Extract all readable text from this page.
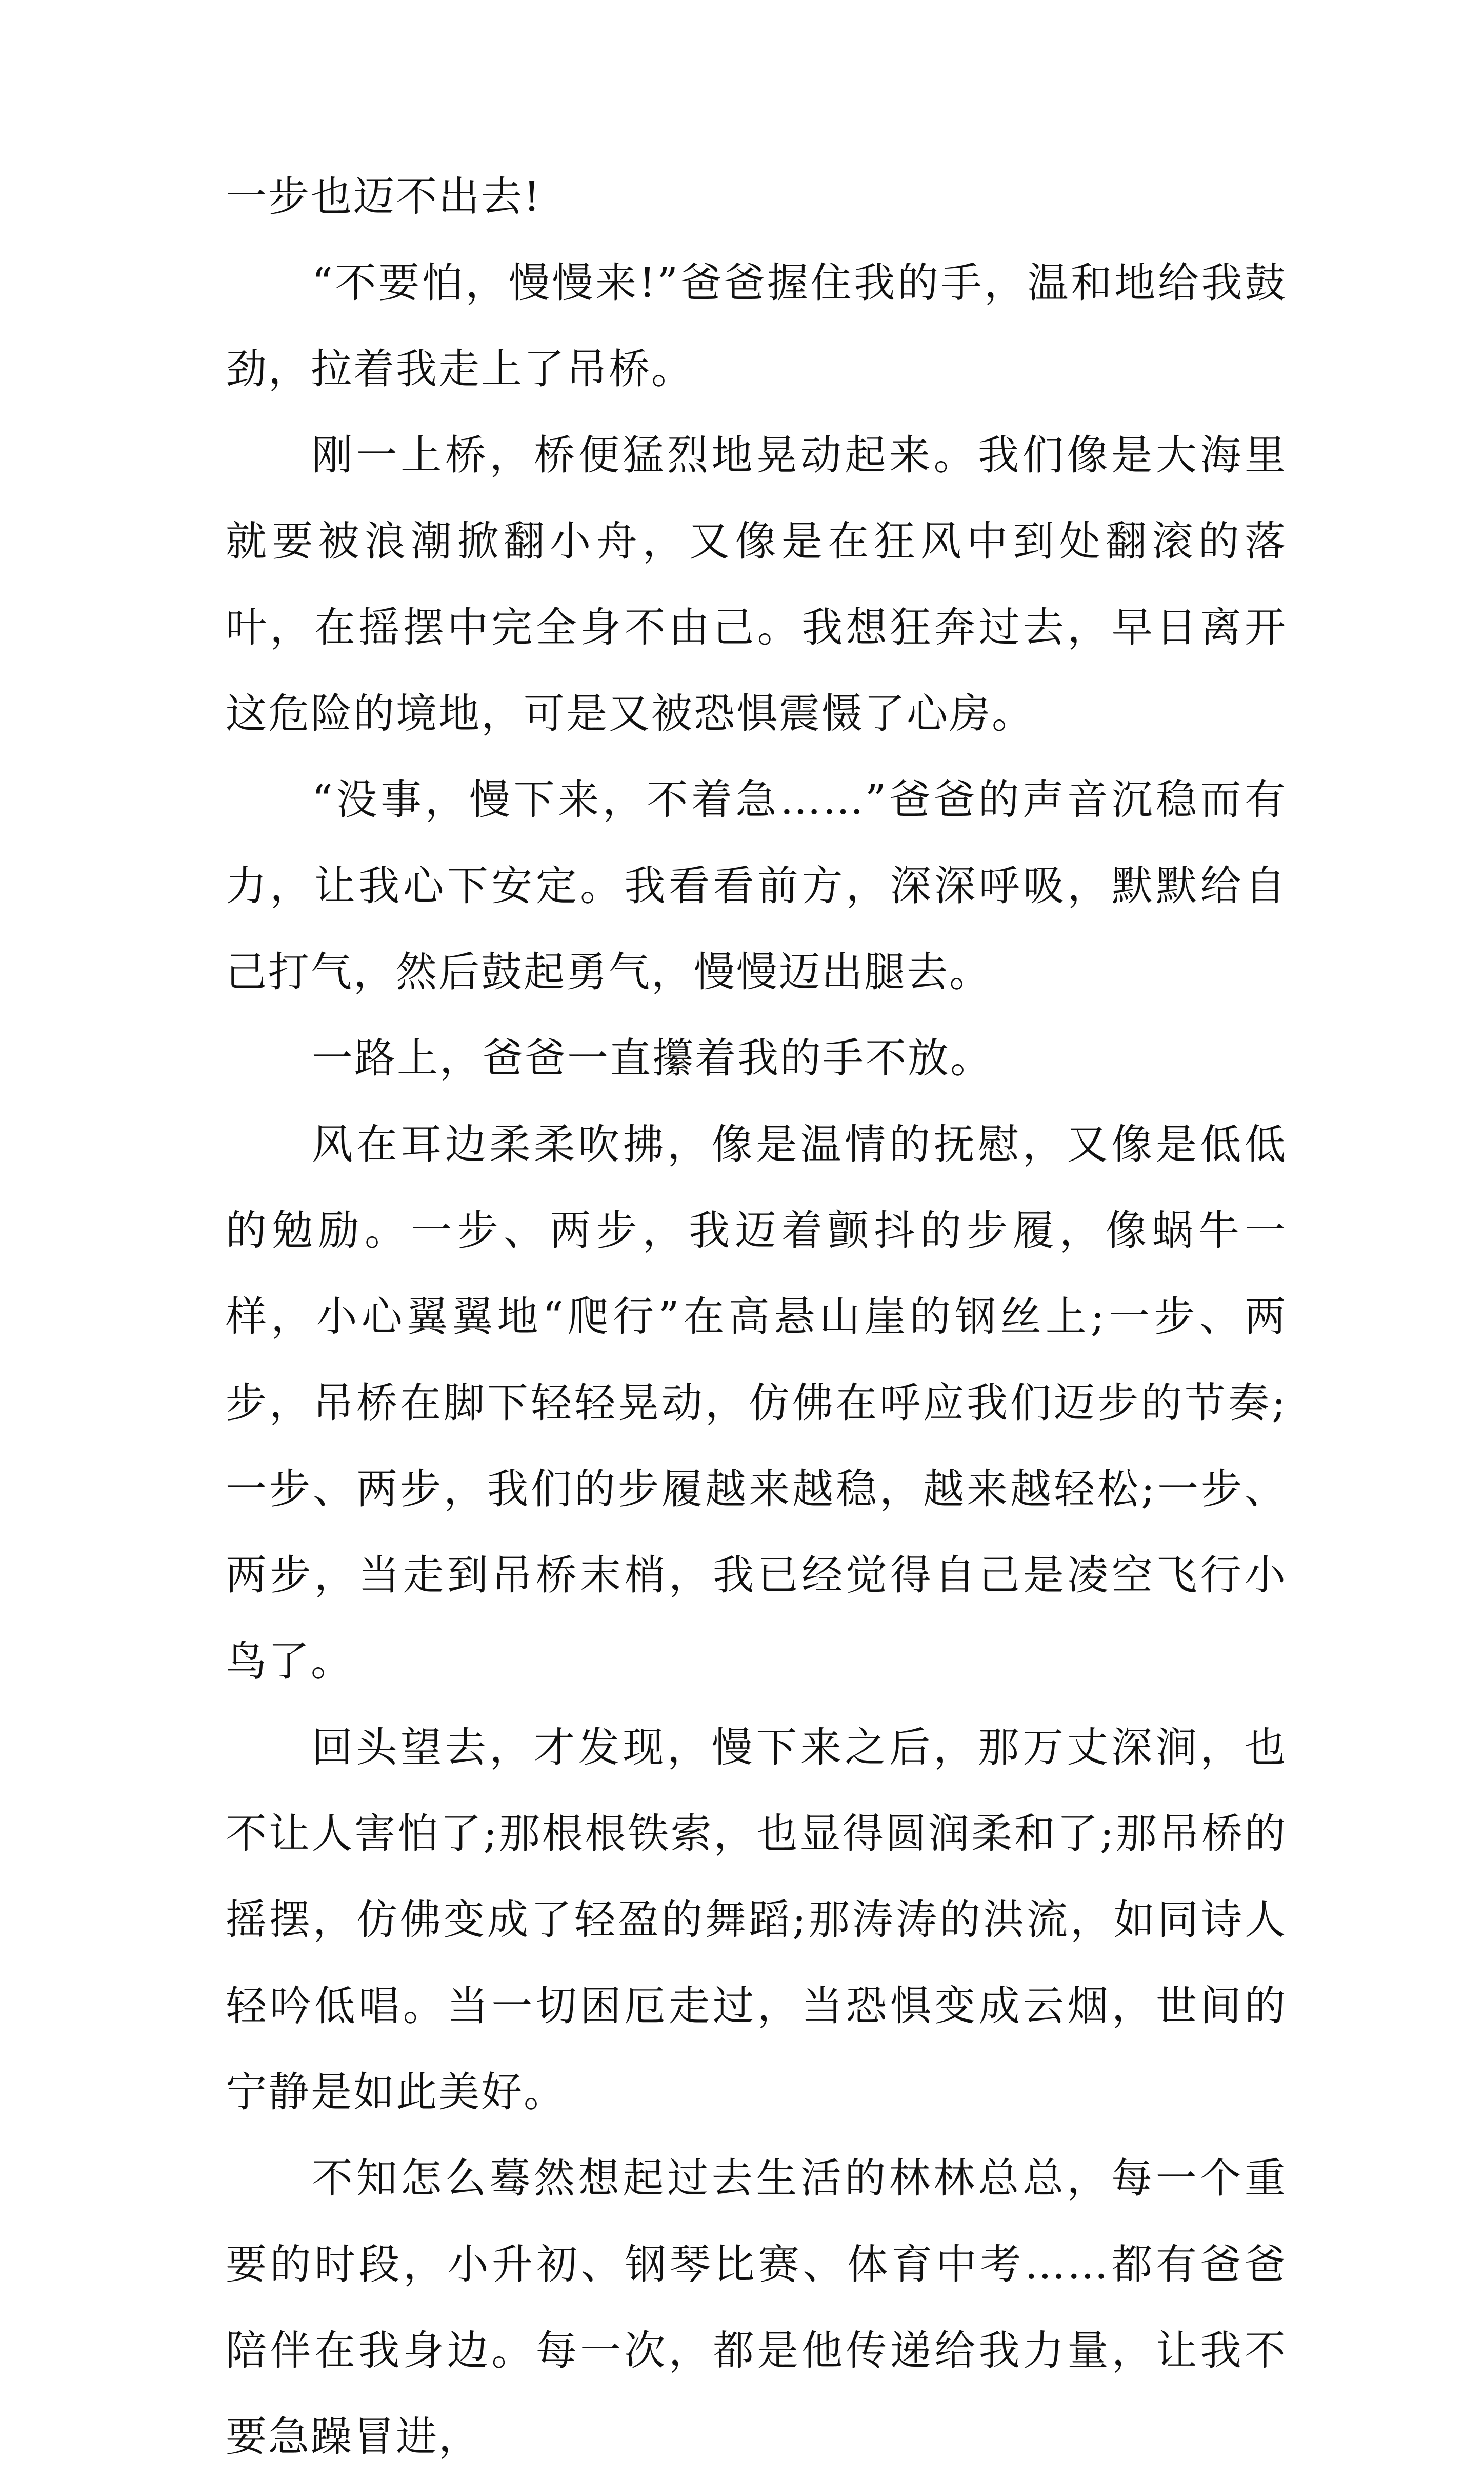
一步也迈不出去!

“不要怕，慢慢来!”爸爸握住我的手，温和地给我鼓劲，拉着我走上了吊桥。

刚一上桥，桥便猛烈地晃动起来。我们像是大海里就要被浪潮掀翻小舟，又像是在狂风中到处翻滚的落叶，在摇摆中完全身不由己。我想狂奔过去，早日离开这危险的境地，可是又被恐惧震慑了心房。

“没事，慢下来，不着急……”爸爸的声音沉稳而有力，让我心下安定。我看看前方，深深呼吸，默默给自己打气，然后鼓起勇气，慢慢迈出腿去。

一路上，爸爸一直攥着我的手不放。

风在耳边柔柔吹拂，像是温情的抚慰，又像是低低的勉励。一步、两步，我迈着颤抖的步履，像蜗牛一样，小心翼翼地“爬行”在高悬山崖的钢丝上;一步、两步，吊桥在脚下轻轻晃动，仿佛在呼应我们迈步的节奏;一步、两步，我们的步履越来越稳，越来越轻松;一步、两步，当走到吊桥末梢，我已经觉得自己是凌空飞行小鸟了。

回头望去，才发现，慢下来之后，那万丈深涧，也不让人害怕了;那根根铁索，也显得圆润柔和了;那吊桥的摇摆，仿佛变成了轻盈的舞蹈;那涛涛的洪流，如同诗人轻吟低唱。当一切困厄走过，当恐惧变成云烟，世间的宁静是如此美好。

不知怎么蓦然想起过去生活的林林总总，每一个重要的时段，小升初、钢琴比赛、体育中考……都有爸爸陪伴在我身边。每一次，都是他传递给我力量，让我不要急躁冒进，
